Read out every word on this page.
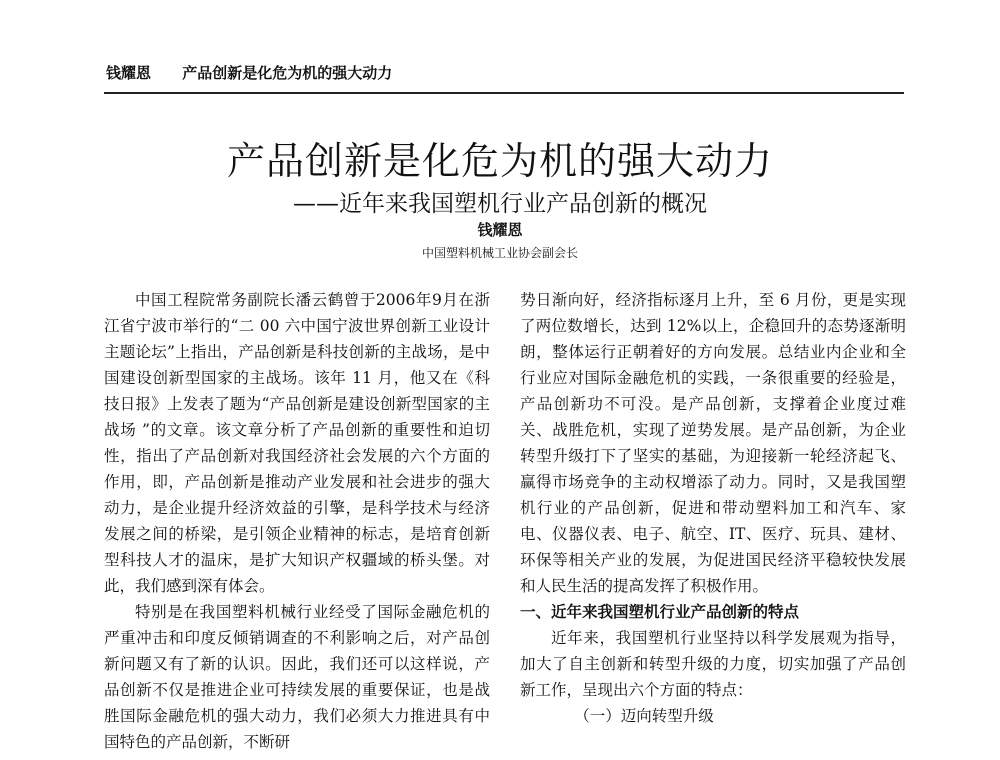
钱耀恩 产品创新是化危为机的强大动力
产品创新是化危为机的强大动力
——近年来我国塑机行业产品创新的概况
钱耀恩
中国塑料机械工业协会副会长

中国工程院常务副院长潘云鹤曾于2006年9月在浙江省宁波市举行的“二 00 六中国宁波世界创新工业设计主题论坛”上指出，产品创新是科技创新的主战场，是中国建设创新型国家的主战场。该年 11 月，他又在《科技日报》上发表了题为“产品创新是建设创新型国家的主战场 ”的文章。该文章分析了产品创新的重要性和迫切性，指出了产品创新对我国经济社会发展的六个方面的作用，即，产品创新是推动产业发展和社会进步的强大动力，是企业提升经济效益的引擎，是科学技术与经济发展之间的桥梁，是引领企业精神的标志，是培育创新型科技人才的温床，是扩大知识产权疆域的桥头堡。对此，我们感到深有体会。

特别是在我国塑料机械行业经受了国际金融危机的严重冲击和印度反倾销调查的不利影响之后，对产品创新问题又有了新的认识。因此，我们还可以这样说，产品创新不仅是推进企业可持续发展的重要保证，也是战胜国际金融危机的强大动力，我们必须大力推进具有中国特色的产品创新，不断研

势日渐向好，经济指标逐月上升，至 6 月份，更是实现了两位数增长，达到 12%以上，企稳回升的态势逐渐明朗，整体运行正朝着好的方向发展。总结业内企业和全行业应对国际金融危机的实践，一条很重要的经验是，产品创新功不可没。是产品创新，支撑着企业度过难关、战胜危机，实现了逆势发展。是产品创新，为企业转型升级打下了坚实的基础，为迎接新一轮经济起飞、赢得市场竞争的主动权增添了动力。同时，又是我国塑机行业的产品创新，促进和带动塑料加工和汽车、家电、仪器仪表、电子、航空、IT、医疗、玩具、建材、环保等相关产业的发展，为促进国民经济平稳较快发展和人民生活的提高发挥了积极作用。

一、近年来我国塑机行业产品创新的特点

近年来，我国塑机行业坚持以科学发展观为指导，加大了自主创新和转型升级的力度，切实加强了产品创新工作，呈现出六个方面的特点：

（一）迈向转型升级
